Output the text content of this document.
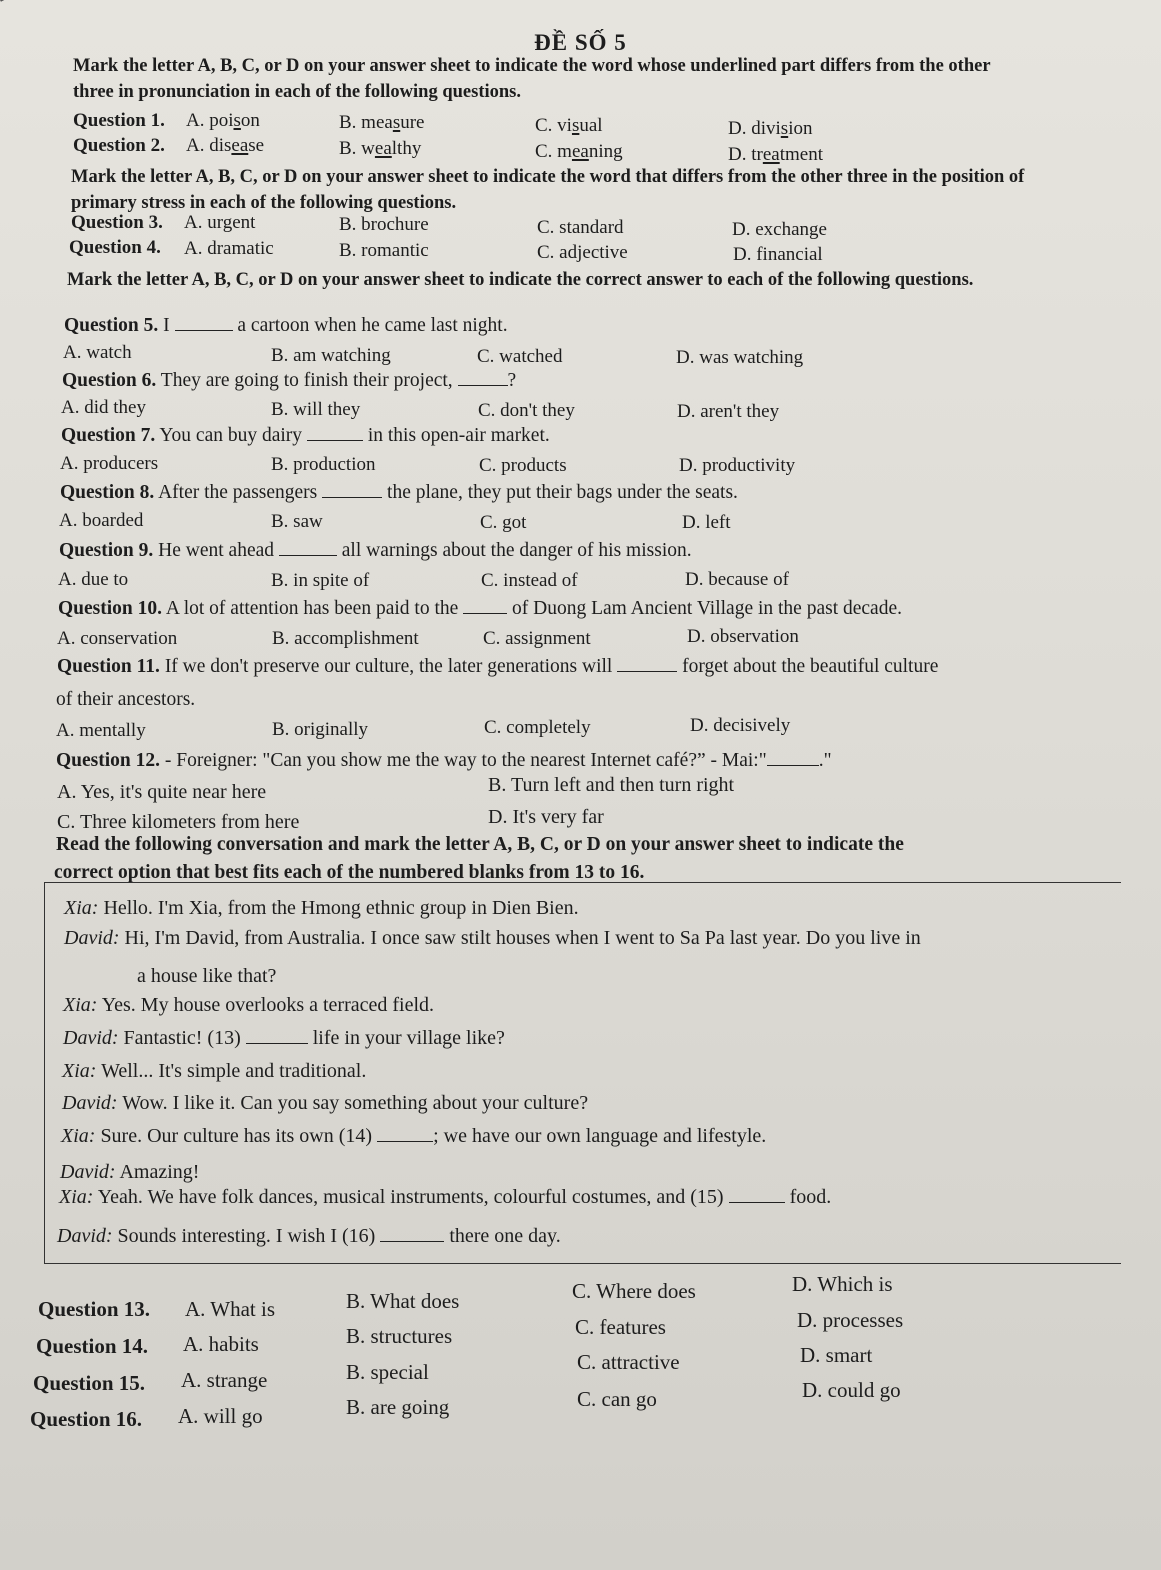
ĐỀ SỐ 5
Mark the letter A, B, C, or D on your answer sheet to indicate the word whose underlined part differs from the other three in pronunciation in each of the following questions.
Question 1. A. poison	B. measure	C. visual	D. division
Question 2. A. disease	B. wealthy	C. meaning	D. treatment
Mark the letter A, B, C, or D on your answer sheet to indicate the word that differs from the other three in the position of primary stress in each of the following questions.
Question 3. A. urgent	B. brochure	C. standard	D. exchange
Question 4. A. dramatic	B. romantic	C. adjective	D. financial
Mark the letter A, B, C, or D on your answer sheet to indicate the correct answer to each of the following questions.
Question 5. I	a cartoon when he came last night.
A. watch	B. am watching	C. watched	D. was watching
Question 6. They are going to finish their project,	?
A. did they	B. will they	C. don't they	D. aren't they
Question 7. You can buy dairy	in this open-air market.
A. producers	B. production	C. products	D. productivity
Question 8. After the passengers	the plane, they put their bags under the seats.
A. boarded	B. saw	C. got	D. left
Question 9. He went ahead	all warnings about the danger of his mission.
A. due to	B. in spite of	C. instead of	D. because of
Question 10. A lot of attention has been paid to the	of Duong Lam Ancient Village in the past decade.
A. conservation	B. accomplishment	C. assignment	D. observation
Question 11. If we don't preserve our culture, the later generations will	forget about the beautiful culture
of their ancestors.
A. mentally	B. originally	C. completely	D. decisively
Question 12. - Foreigner: "Can you show me the way to the nearest Internet café?” - Mai:"	."
A. Yes, it's quite near here	B. Turn left and then turn right
C. Three kilometers from here	D. It's very far
Read the following conversation and mark the letter A, B, C, or D on your answer sheet to indicate the
correct option that best fits each of the numbered blanks from 13 to 16.
Xia: Hello. I'm Xia, from the Hmong ethnic group in Dien Bien.
David: Hi, I'm David, from Australia. I once saw stilt houses when I went to Sa Pa last year. Do you live in
a house like that?
Xia: Yes. My house overlooks a terraced field.
David: Fantastic! (13)	life in your village like?
Xia: Well... It's simple and traditional.
David: Wow. I like it. Can you say something about your culture?
Xia: Sure. Our culture has its own (14)	; we have our own language and lifestyle.
David: Amazing!
Xia: Yeah. We have folk dances, musical instruments, colourful costumes, and (15)	food.
David: Sounds interesting. I wish I (16)	there one day.
Question 13. A. What is	B. What does	C. Where does	D. Which is
Question 14. A. habits	B. structures	C. features	D. processes
Question 15. A. strange	B. special	C. attractive	D. smart
Question 16. A. will go	B. are going	C. can go	D. could go
